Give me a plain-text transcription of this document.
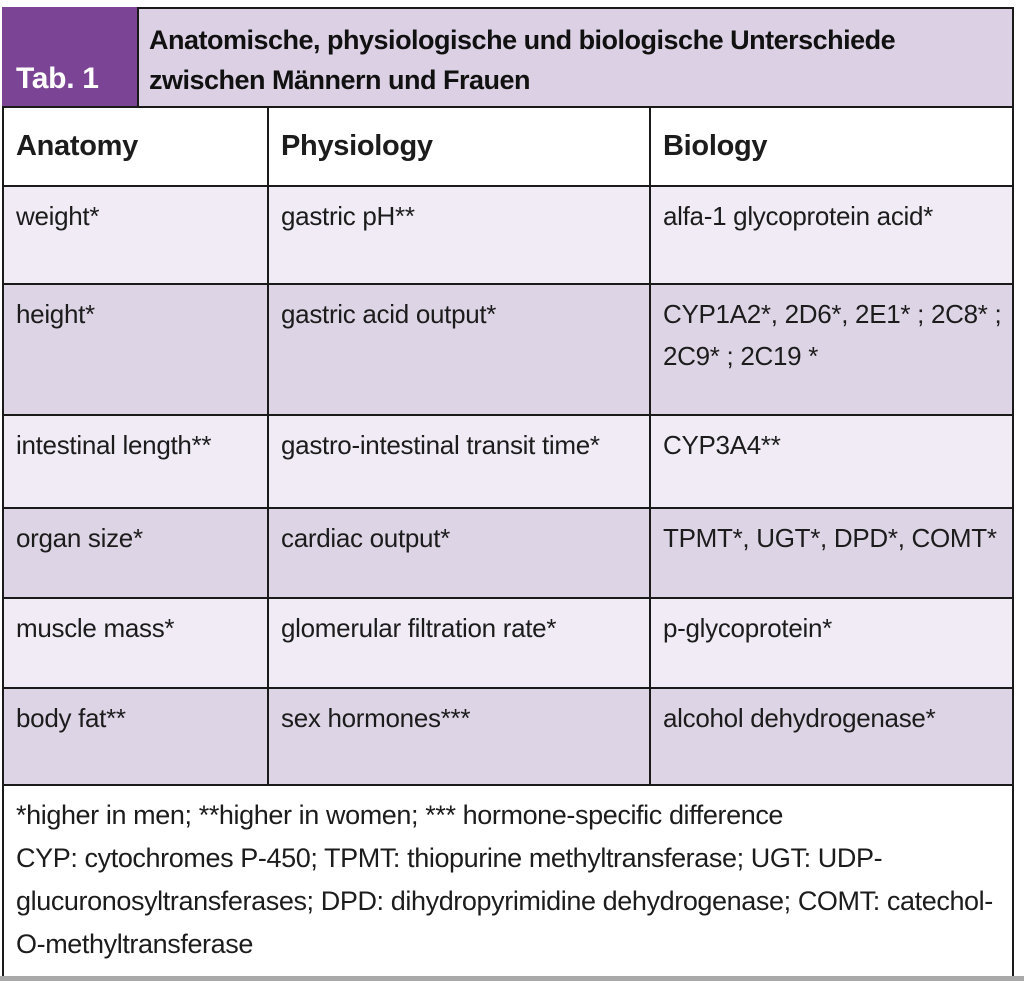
Tab. 1
Anatomische, physiologische und biologische Unterschiede zwischen Männern und Frauen
Anatomy	Physiology	Biology
weight*	gastric pH**	alfa-1 glycoprotein acid*
height*	gastric acid output*	CYP1A2*, 2D6*, 2E1* ; 2C8* ; 2C9* ; 2C19 *
intestinal length**	gastro-intestinal transit time*	CYP3A4**
organ size*	cardiac output*	TPMT*, UGT*, DPD*, COMT*
muscle mass*	glomerular filtration rate*	p-glycoprotein*
body fat**	sex hormones***	alcohol dehydrogenase*
*higher in men; **higher in women; *** hormone-specific difference
CYP: cytochromes P-450; TPMT: thiopurine methyltransferase; UGT: UDP-glucuronosyltransferases; DPD: dihydropyrimidine dehydrogenase; COMT: catechol-O-methyltransferase
